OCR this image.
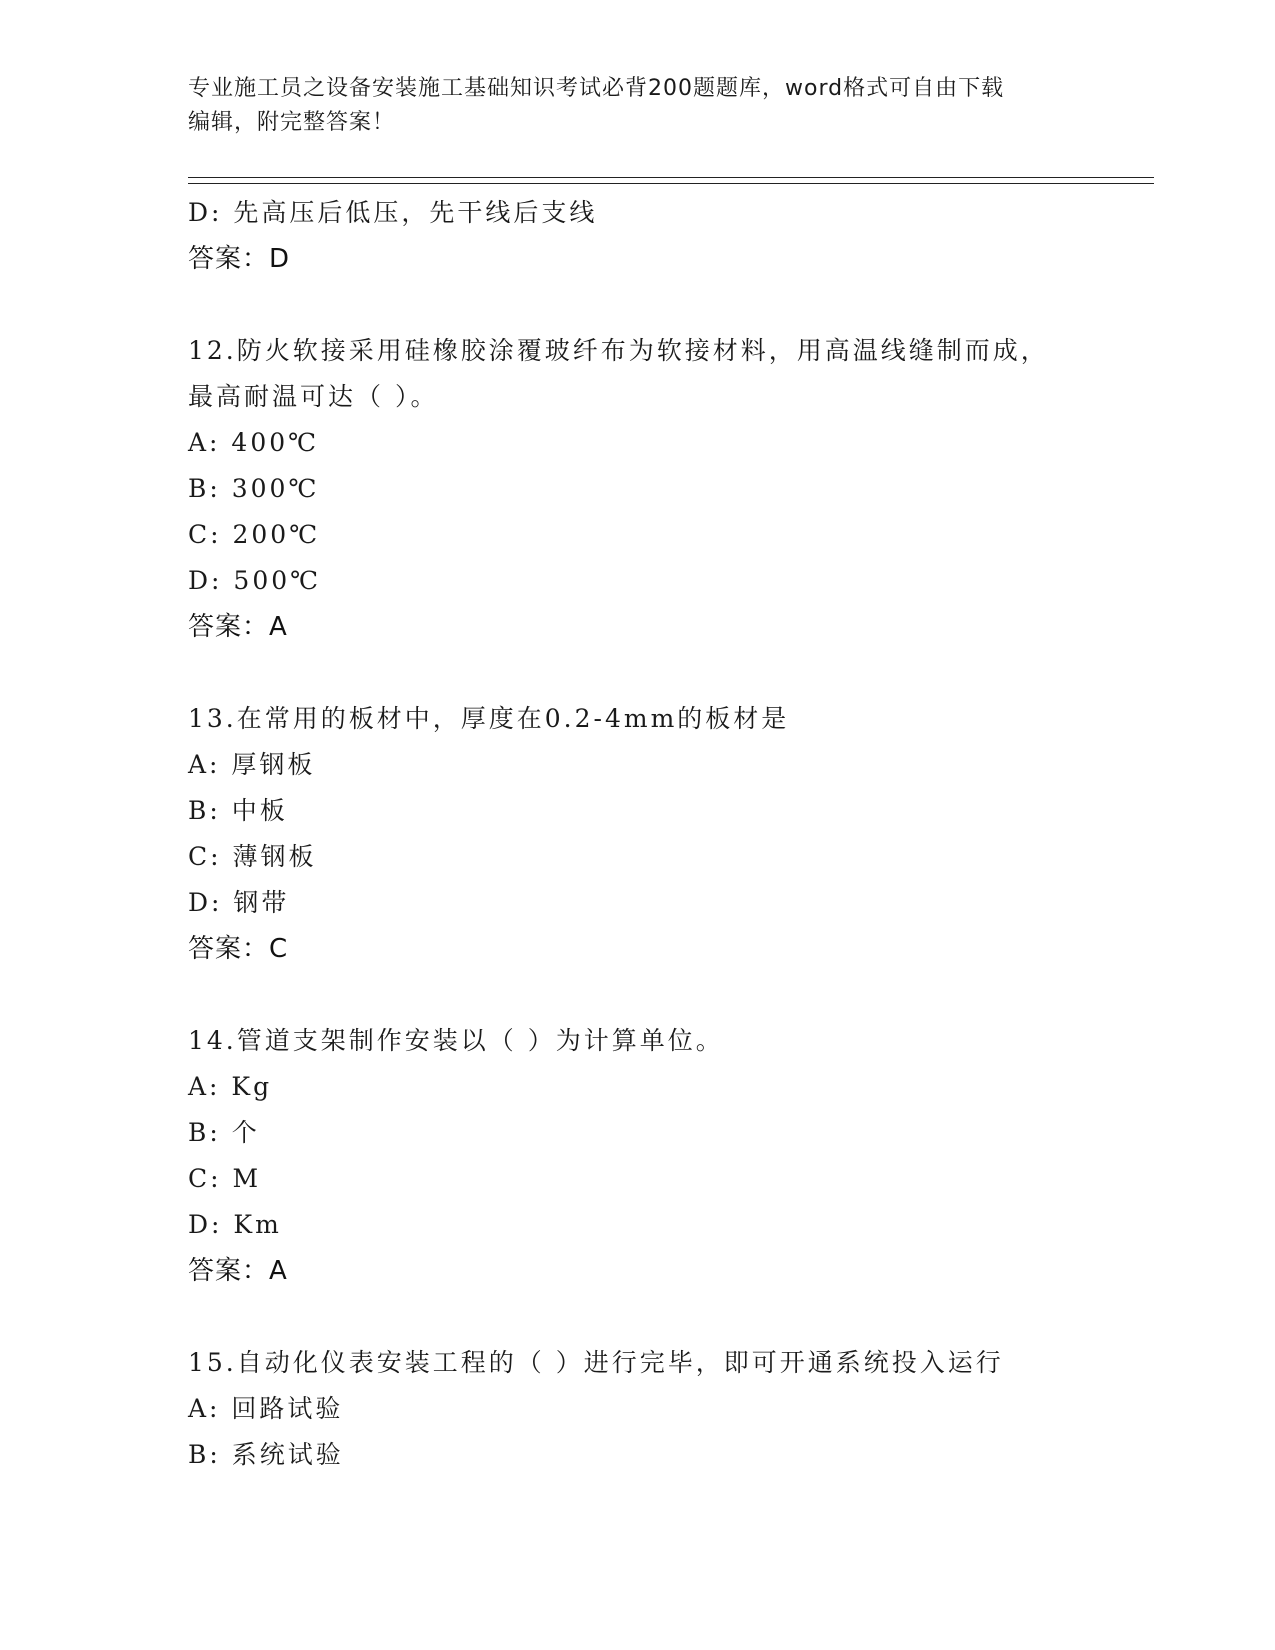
专业施工员之设备安装施工基础知识考试必背200题题库，word格式可自由下载
编辑，附完整答案！
D: 先高压后低压，先干线后支线
答案：D
12.防火软接采用硅橡胶涂覆玻纤布为软接材料，用高温线缝制而成，
最高耐温可达（ ）。
A: 400℃
B: 300℃
C: 200℃
D: 500℃
答案：A
13.在常用的板材中，厚度在0.2-4mm的板材是
A: 厚钢板
B: 中板
C: 薄钢板
D: 钢带
答案：C
14.管道支架制作安装以（ ）为计算单位。
A: Kg
B: 个
C: M
D: Km
答案：A
15.自动化仪表安装工程的（ ）进行完毕，即可开通系统投入运行
A: 回路试验
B: 系统试验
